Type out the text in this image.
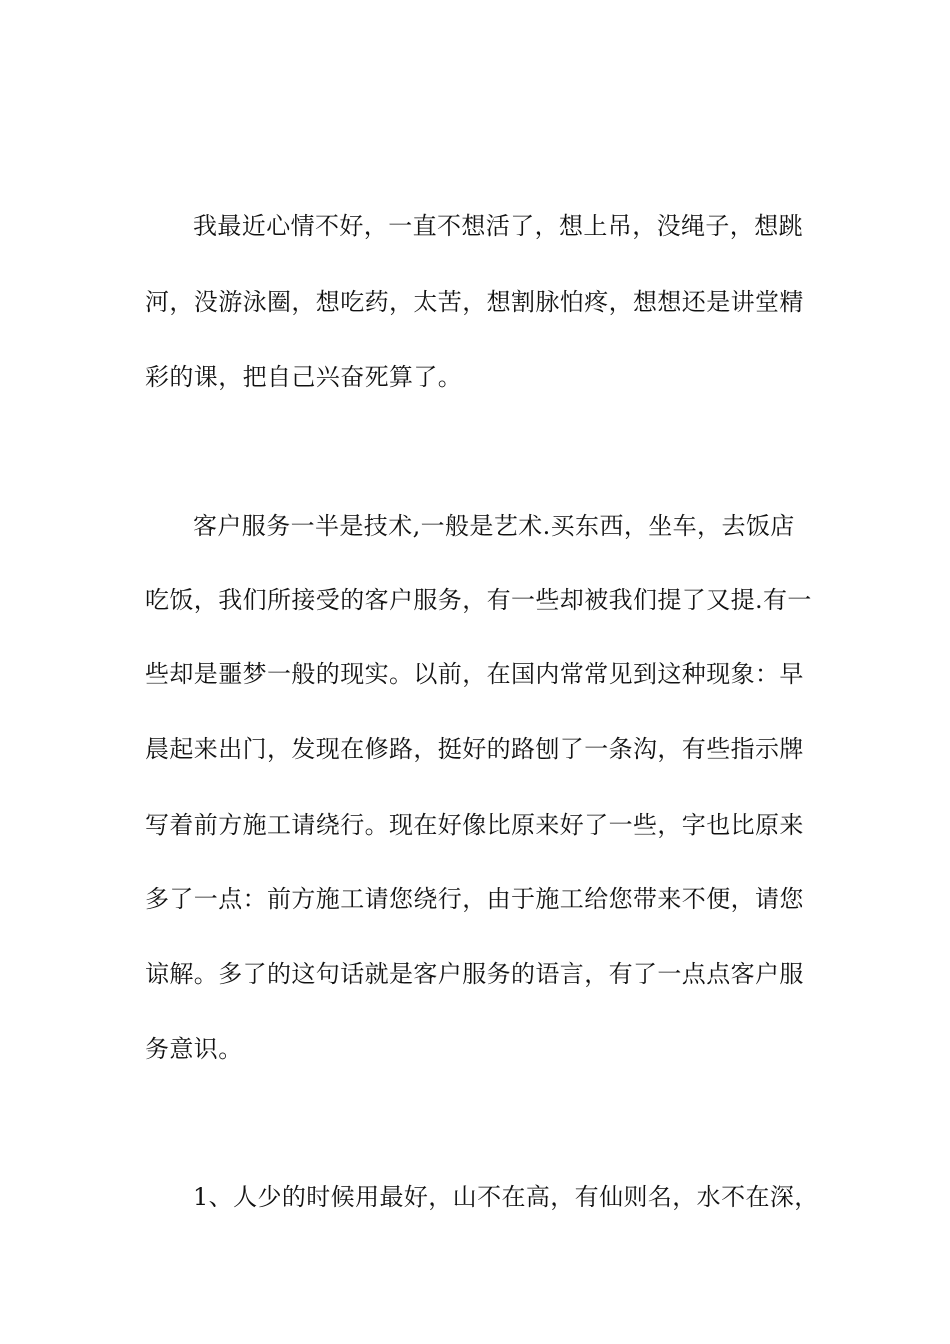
我最近心情不好，一直不想活了，想上吊，没绳子，想跳

河，没游泳圈，想吃药，太苦，想割脉怕疼，想想还是讲堂精

彩的课，把自己兴奋死算了。

客户服务一半是技术,一般是艺术.买东西，坐车，去饭店

吃饭，我们所接受的客户服务，有一些却被我们提了又提.有一

些却是噩梦一般的现实。以前，在国内常常见到这种现象：早

晨起来出门，发现在修路，挺好的路刨了一条沟，有些指示牌

写着前方施工请绕行。现在好像比原来好了一些，字也比原来

多了一点：前方施工请您绕行，由于施工给您带来不便，请您

谅解。多了的这句话就是客户服务的语言，有了一点点客户服

务意识。

1、人少的时候用最好，山不在高，有仙则名，水不在深，
